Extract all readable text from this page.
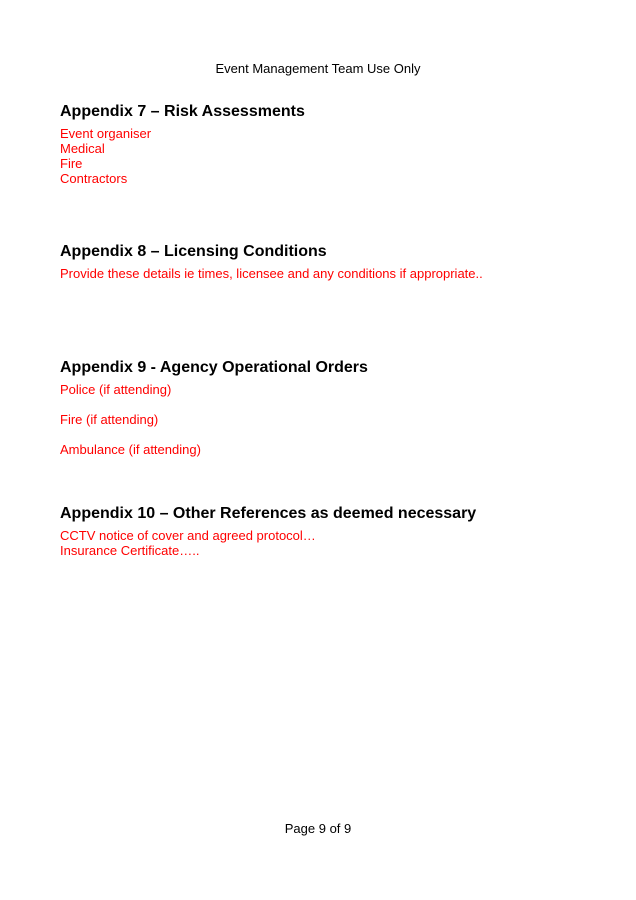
Event Management Team Use Only
Appendix 7 – Risk Assessments
Event organiser
Medical
Fire
Contractors
Appendix 8 – Licensing Conditions
Provide these details ie times, licensee and any conditions if appropriate..
Appendix 9 - Agency Operational Orders

Police (if attending)

Fire (if attending)

Ambulance (if attending)

Appendix 10 – Other References as deemed necessary
CCTV notice of cover and agreed protocol…
Insurance Certificate…..
Page 9 of 9
